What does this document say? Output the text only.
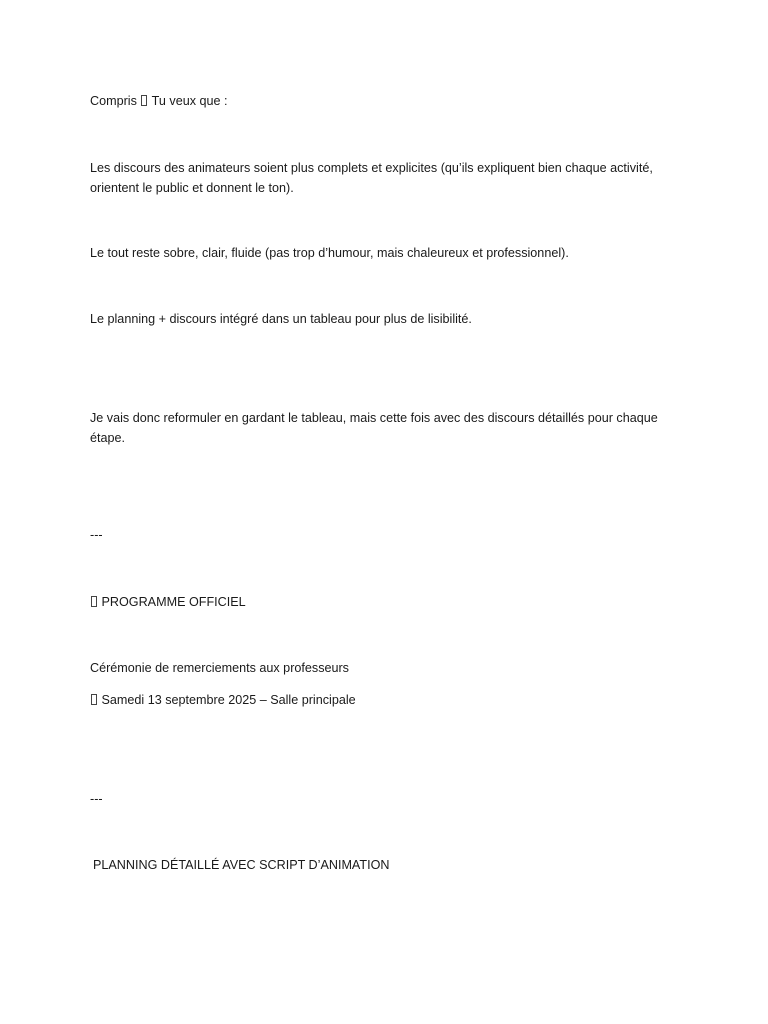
Compris Tu veux que :

Les discours des animateurs soient plus complets et explicites (qu’ils expliquent bien chaque activité, orientent le public et donnent le ton).

Le tout reste sobre, clair, fluide (pas trop d’humour, mais chaleureux et professionnel).

Le planning + discours intégré dans un tableau pour plus de lisibilité.

Je vais donc reformuler en gardant le tableau, mais cette fois avec des discours détaillés pour chaque étape.

---

PROGRAMME OFFICIEL

Cérémonie de remerciements aux professeurs

Samedi 13 septembre 2025 – Salle principale

---

PLANNING DÉTAILLÉ AVEC SCRIPT D’ANIMATION
